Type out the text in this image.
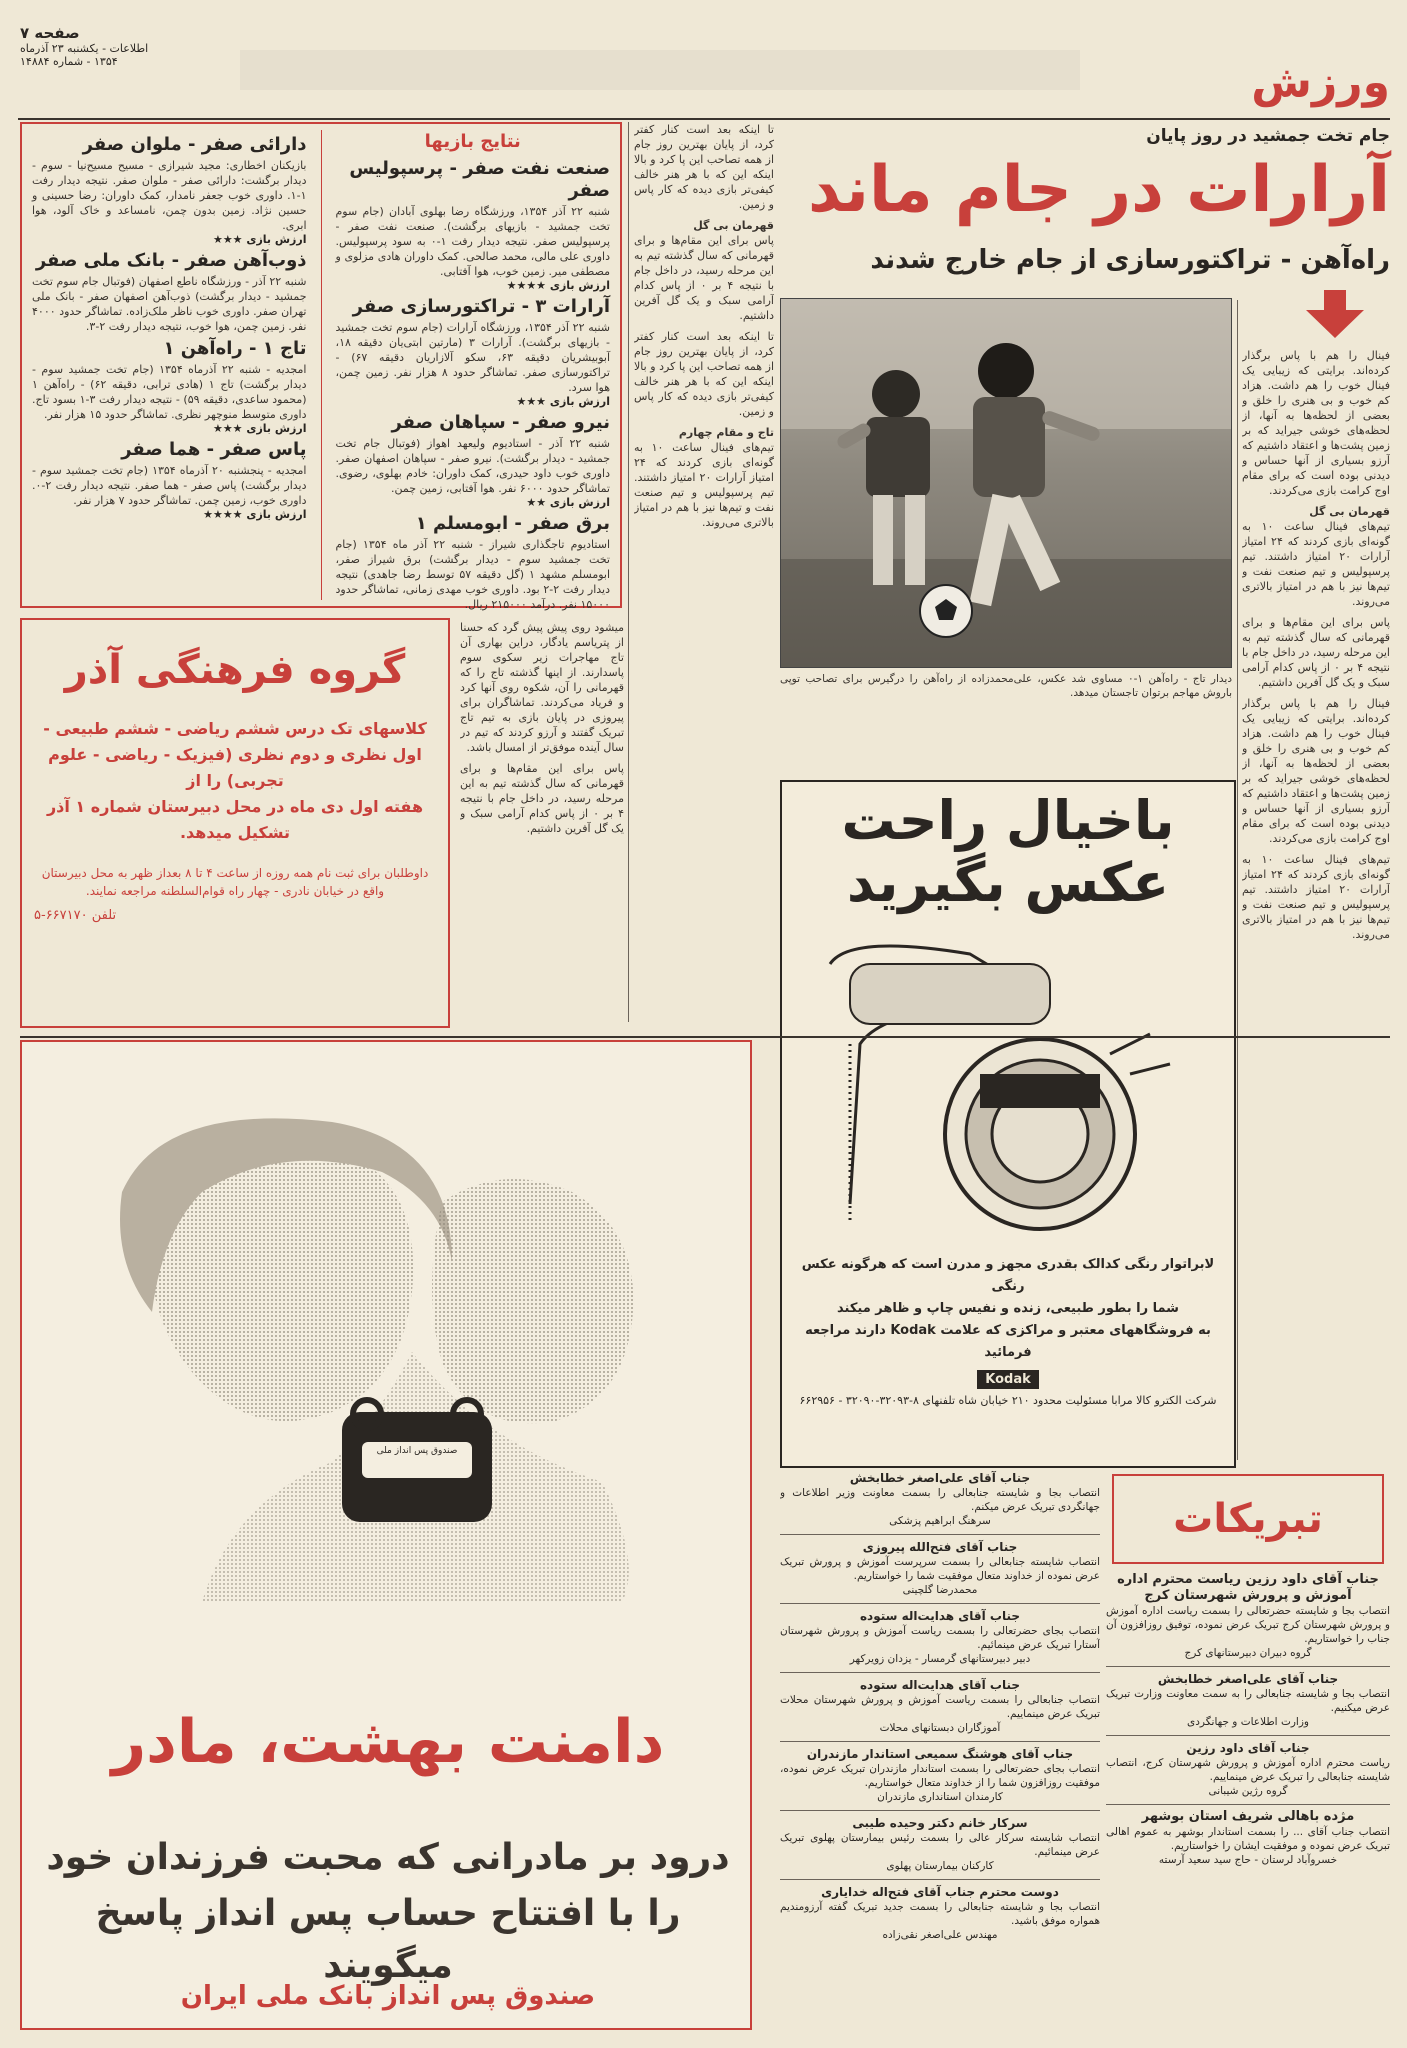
صفحه ۷
اطلاعات - یکشنبه ۲۳ آذرماه
۱۳۵۴ - شماره ۱۴۸۸۴	ورزش
نتایج بازیها
صنعت نفت صفر - پرسپولیس صفر
شنبه ۲۲ آذر ۱۳۵۴، ورزشگاه رضا بهلوی آبادان (جام سوم تخت جمشید - بازیهای برگشت). صنعت نفت صفر - پرسپولیس صفر. نتیجه دیدار رفت ۱-۰ به سود پرسپولیس. داوری علی مالی، محمد صالحی. کمک داوران هادی مزلوی و مصطفی میر. زمین خوب، هوا آفتابی.
ارزش بازی ★★★★
آرارات ۳ - تراکتورسازی صفر
شنبه ۲۲ آذر ۱۳۵۴، ورزشگاه آرارات (جام سوم تخت جمشید - بازیهای برگشت). آرارات ۳ (مارتین ابتی‌یان دقیقه ۱۸، آبوبیشریان دقیقه ۶۳، سکو آلازاریان دقیقه ۶۷) - تراکتورسازی صفر. تماشاگر حدود ۸ هزار نفر. زمین چمن، هوا سرد.
ارزش بازی ★★★
نیرو صفر - سپاهان صفر
شنبه ۲۲ آذر - استادیوم ولیعهد اهواز (فوتبال جام تخت جمشید - دیدار برگشت). نیرو صفر - سپاهان اصفهان صفر. داوری خوب داود حیدری، کمک داوران: خادم بهلوی، رضوی. تماشاگر حدود ۶۰۰۰ نفر. هوا آفتابی، زمین چمن.
ارزش بازی ★★
برق صفر - ابومسلم ۱
استادیوم تاجگذاری شیراز - شنبه ۲۲ آذر ماه ۱۳۵۴ (جام تخت جمشید سوم - دیدار برگشت) برق شیراز صفر، ابومسلم مشهد ۱ (گل دقیقه ۵۷ توسط رضا جاهدی) نتیجه دیدار رفت ۲-۲ بود. داوری خوب مهدی زمانی، تماشاگر حدود ۱۵۰۰۰ نفر. درآمد ۲۱۵۰۰۰ ریال.
دارائی صفر - ملوان صفر
بازیکنان اخطاری: مجید شیرازی - مسیح مسیح‌نیا - سوم - دیدار برگشت: دارائی صفر - ملوان صفر. نتیجه دیدار رفت ۱-۱. داوری خوب جعفر نامدار، کمک داوران: رضا حسینی و حسین نژاد. زمین بدون چمن، نامساعد و خاک آلود، هوا ابری.
ارزش بازی ★★★
ذوب‌آهن صفر - بانک ملی صفر
شنبه ۲۲ آذر - ورزشگاه ناطع اصفهان (فوتبال جام سوم تخت جمشید - دیدار برگشت) ذوب‌آهن اصفهان صفر - بانک ملی تهران صفر. داوری خوب ناظر ملک‌زاده. تماشاگر حدود ۴۰۰۰ نفر. زمین چمن، هوا خوب، نتیجه دیدار رفت ۲-۳.
تاج ۱ - راه‌آهن ۱
امجدیه - شنبه ۲۲ آذرماه ۱۳۵۴ (جام تخت جمشید سوم - دیدار برگشت) تاج ۱ (هادی ترابی، دقیقه ۶۲) - راه‌آهن ۱ (محمود ساعدی، دقیقه ۵۹) - نتیجه دیدار رفت ۳-۱ بسود تاج. داوری متوسط منوچهر نظری. تماشاگر حدود ۱۵ هزار نفر.
ارزش بازی ★★★
پاس صفر - هما صفر
امجدیه - پنجشنبه ۲۰ آذرماه ۱۳۵۴ (جام تخت جمشید سوم - دیدار برگشت) پاس صفر - هما صفر. نتیجه دیدار رفت ۲-۰. داوری خوب، زمین چمن. تماشاگر حدود ۷ هزار نفر.
ارزش بازی ★★★★
جام تخت جمشید در روز پایان
آرارات در جام ماند
راه‌آهن - تراکتورسازی از جام خارج شدند
دیدار تاج - راه‌آهن ۱-۰ مساوی شد عکس، علی‌محمدزاده از راه‌آهن را درگیرس برای تصاحب توپی باروش مهاجم برتوان تاجستان میدهد.
فینال را هم با پاس برگذار کرده‌اند. برایتی که زیبایی یک فینال خوب را هم داشت. هزاد کم خوب و بی هنری را خلق و بعضی از لحظه‌ها به آنها، از لحظه‌های خوشی جیراید که بر زمین پشت‌ها و اعتقاد داشتیم که آرزو بسیاری از آنها حساس و دیدنی بوده است که برای مقام اوج کرامت بازی می‌کردند.
قهرمان بی گل
تیم‌های فینال ساعت ۱۰ به گونه‌ای بازی کردند که ۲۴ امتیاز آرارات ۲۰ امتیاز داشتند. تیم پرسپولیس و تیم صنعت نفت و تیم‌ها نیز با هم در امتیاز بالاتری می‌روند.
پاس برای این مقام‌ها و برای قهرمانی که سال گذشته تیم به این مرحله رسید، در داخل جام با نتیجه ۴ بر ۰ از پاس کدام آرامی سبک و یک گل آفرین داشتیم.
فینال را هم با پاس برگذار کرده‌اند. برایتی که زیبایی یک فینال خوب را هم داشت. هزاد کم خوب و بی هنری را خلق و بعضی از لحظه‌ها به آنها، از لحظه‌های خوشی جیراید که بر زمین پشت‌ها و اعتقاد داشتیم که آرزو بسیاری از آنها حساس و دیدنی بوده است که برای مقام اوج کرامت بازی می‌کردند.
تیم‌های فینال ساعت ۱۰ به گونه‌ای بازی کردند که ۲۴ امتیاز آرارات ۲۰ امتیاز داشتند. تیم پرسپولیس و تیم صنعت نفت و تیم‌ها نیز با هم در امتیاز بالاتری می‌روند.
تا اینکه بعد است کنار کفتر کرد، از پایان بهترین روز جام از همه تصاحب این پا کرد و بالا اینکه این که با هر هنر خالف کیفی‌تر بازی دیده که کار پاس و زمین.
قهرمان بی گل
پاس برای این مقام‌ها و برای قهرمانی که سال گذشته تیم به این مرحله رسید، در داخل جام با نتیجه ۴ بر ۰ از پاس کدام آرامی سبک و یک گل آفرین داشتیم.
تا اینکه بعد است کنار کفتر کرد، از پایان بهترین روز جام از همه تصاحب این پا کرد و بالا اینکه این که با هر هنر خالف کیفی‌تر بازی دیده که کار پاس و زمین.
تاج و مقام چهارم
تیم‌های فینال ساعت ۱۰ به گونه‌ای بازی کردند که ۲۴ امتیاز آرارات ۲۰ امتیاز داشتند. تیم پرسپولیس و تیم صنعت نفت و تیم‌ها نیز با هم در امتیاز بالاتری می‌روند.
گروه فرهنگی آذر
کلاسهای تک درس ششم ریاضی - ششم طبیعی -
اول نظری و دوم نظری (فیزیک - ریاضی - علوم تجربی) را از
هفته اول دی ماه در محل دبیرستان شماره ۱ آذر
تشکیل میدهد.
داوطلبان برای ثبت نام همه روزه از ساعت ۴ تا ۸ بعداز ظهر به محل دبیرستان واقع در خیابان نادری - چهار راه قوام‌السلطنه مراجعه نمایند.
تلفن ۶۶۷۱۷۰-۵
میشود روی پیش پیش گرد که حسنا از پتریاسم یادگار، دراین بهاری آن تاج مهاجرات زیر سکوی سوم پاسدارند. از اینها گذشته تاج را که قهرمانی را آن، شکوه روی آنها کرد و فریاد می‌کردند. تماشاگران برای پیروزی در پایان بازی به تیم تاج تبریک گفتند و آرزو کردند که تیم در سال آینده موفق‌تر از امسال باشد.
پاس برای این مقام‌ها و برای قهرمانی که سال گذشته تیم به این مرحله رسید، در داخل جام با نتیجه ۴ بر ۰ از پاس کدام آرامی سبک و یک گل آفرین داشتیم.	باخیال راحت
عکس بگیرید
لابراتوار رنگی کدالک بقدری مجهز و مدرن است که هرگونه عکس رنگی
شما را بطور طبیعی، زنده و نفیس چاپ و ظاهر میکند
به فروشگاههای معتبر و مراکزی که علامت Kodak دارند مراجعه فرمائید
Kodak
شرکت الکترو کالا مرابا مسئولیت محدود ۲۱۰ خیابان شاه تلفنهای ۸-۳۲۰۹۳-۳۲۰۹۰ - ۶۶۲۹۵۶
صندوق پس انداز ملی
دامنت بهشت، مادر
درود بر مادرانی که محبت فرزندان خود
را با افتتاح حساب پس انداز پاسخ میگویند
صندوق پس انداز بانک ملی ایران
جناب آقای علی‌اصغر خطابخش
انتصاب بجا و شایسته جنابعالی را بسمت معاونت وزیر اطلاعات و جهانگردی تبریک عرض میکنم.
سرهنگ ابراهیم پزشکی
جناب آقای فتح‌الله پیروزی
انتصاب شایسته جنابعالی را بسمت سرپرست آموزش و پرورش تبریک عرض نموده از خداوند متعال موفقیت شما را خواستاریم.
محمدرضا گلچینی
جناب آقای هدایت‌اله ستوده
انتصاب بجای حضرتعالی را بسمت ریاست آموزش و پرورش شهرستان آستارا تبریک عرض مینمائیم.
دبیر دبیرستانهای گرمسار - یزدان زویرکهر
جناب آقای هدایت‌اله ستوده
انتصاب جنابعالی را بسمت ریاست آموزش و پرورش شهرستان محلات تبریک عرض مینماییم.
آموزگاران دبستانهای محلات
جناب آقای هوشنگ سمیعی استاندار مازندران
انتصاب بجای حضرتعالی را بسمت استاندار مازندران تبریک عرض نموده، موفقیت روزافزون شما را از خداوند متعال خواستاریم.
کارمندان استانداری مازندران
سرکار خانم دکتر وحیده طیبی
انتصاب شایسته سرکار عالی را بسمت رئیس بیمارستان پهلوی تبریک عرض مینمائیم.
کارکنان بیمارستان پهلوی
دوست محترم جناب آقای فتح‌اله خدایاری
انتصاب بجا و شایسته جنابعالی را بسمت جدید تبریک گفته آرزومندیم همواره موفق باشید.
مهندس علی‌اصغر نقی‌زاده
تبریکات
جناب آقای داود رزین ریاست محترم اداره آموزش و پرورش شهرستان کرج
انتصاب بجا و شایسته حضرتعالی را بسمت ریاست اداره آموزش و پرورش شهرستان کرج تبریک عرض نموده، توفیق روزافزون آن جناب را خواستاریم.
گروه دبیران دبیرستانهای کرج
جناب آقای علی‌اصغر خطابخش
انتصاب بجا و شایسته جنابعالی را به سمت معاونت وزارت تبریک عرض میکنیم.
وزارت اطلاعات و جهانگردی
جناب آقای داود رزین
ریاست محترم اداره آموزش و پرورش شهرستان کرج، انتصاب شایسته جنابعالی را تبریک عرض مینماییم.
گروه رژین شیبانی
مژده باهالی شریف استان بوشهر
انتصاب جناب آقای ... را بسمت استاندار بوشهر به عموم اهالی تبریک عرض نموده و موفقیت ایشان را خواستاریم.
خسروآباد لرستان - حاج سید سعید آرسته
